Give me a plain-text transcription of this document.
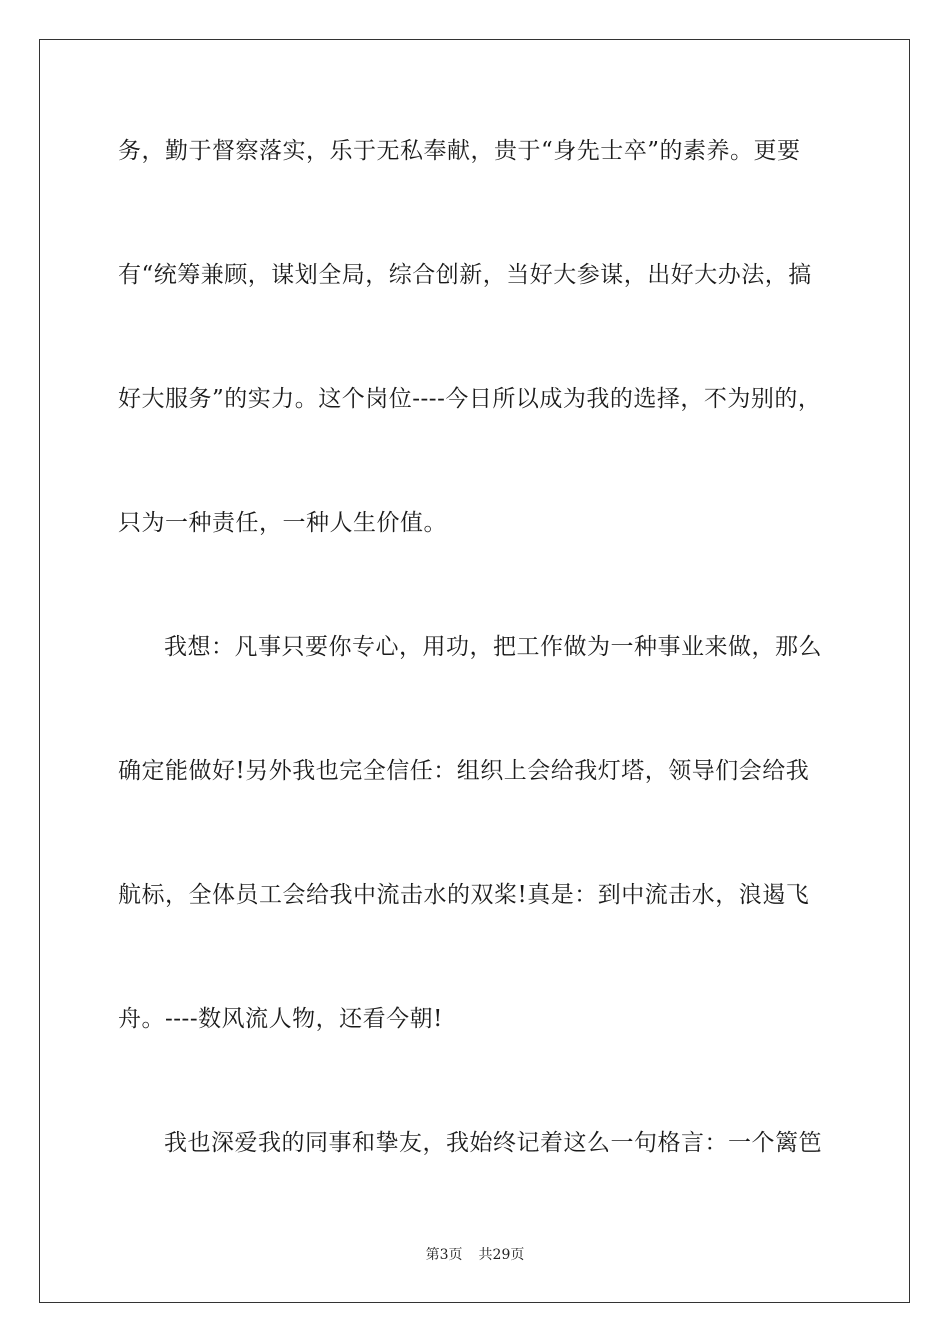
务，勤于督察落实，乐于无私奉献，贵于“身先士卒”的素养。更要
有“统筹兼顾，谋划全局，综合创新，当好大参谋，出好大办法，搞
好大服务”的实力。这个岗位----今日所以成为我的选择，不为别的，
只为一种责任，一种人生价值。
我想：凡事只要你专心，用功，把工作做为一种事业来做，那么
确定能做好!另外我也完全信任：组织上会给我灯塔，领导们会给我
航标，全体员工会给我中流击水的双桨!真是：到中流击水，浪遏飞
舟。----数风流人物，还看今朝!
我也深爱我的同事和挚友，我始终记着这么一句格言：一个篱笆
第3页 共29页
